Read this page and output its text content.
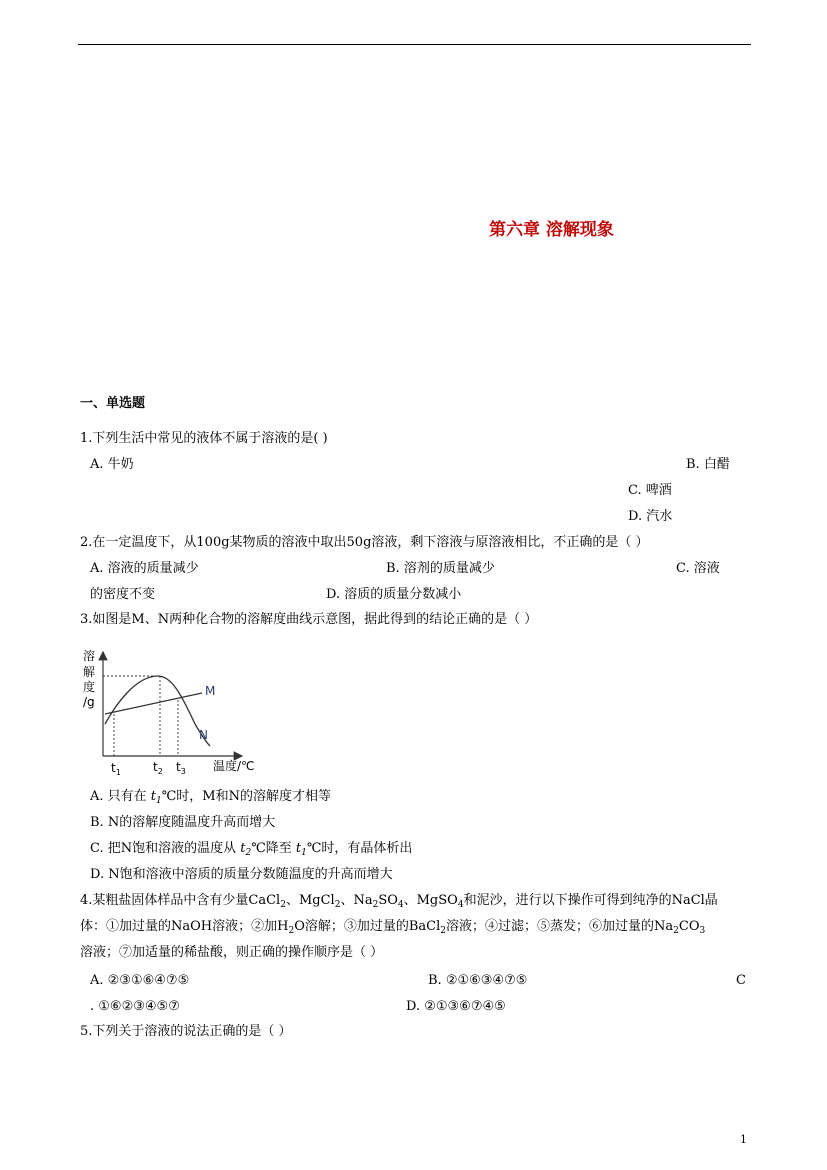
第六章 溶解现象
一、单选题
1.下列生活中常见的液体不属于溶液的是( )
A. 牛奶	B. 白醋
C. 啤酒
D. 汽水
2.在一定温度下，从100g某物质的溶液中取出50g溶液，剩下溶液与原溶液相比，不正确的是（ ）
A. 溶液的质量减少	B. 溶剂的质量减少	C. 溶液
的密度不变	D. 溶质的质量分数减小
3.如图是M、N两种化合物的溶解度曲线示意图，据此得到的结论正确的是（ ）
溶
解
度
/g
M
N
$t_1$	$t_2$ $t_3$ 温度/℃
A. 只有在 $t_1℃$时，M和N的溶解度才相等
B. N的溶解度随温度升高而增大
C. 把N饱和溶液的温度从 $t_2℃$降至 $t_1℃$时，有晶体析出
D. N饱和溶液中溶质的质量分数随温度的升高而增大
4.某粗盐固体样品中含有少量CaCl$_2$、MgCl$_2$、$Na_2SO_4$、MgSO$_4$和泥沙，进行以下操作可得到纯净的NaCl晶
体：①加过量的NaOH溶液；②加$H_2O$溶解；③加过量的BaCl$_2$溶液；④过滤；⑤蒸发；⑥加过量的$Na_2CO_3$
溶液；⑦加适量的稀盐酸，则正确的操作顺序是（ ）
A. ②③①⑥④⑦⑤	B. ②①⑥③④⑦⑤	C
. ①⑥②③④⑤⑦	D. ②①③⑥⑦④⑤
5.下列关于溶液的说法正确的是（ ）
1
